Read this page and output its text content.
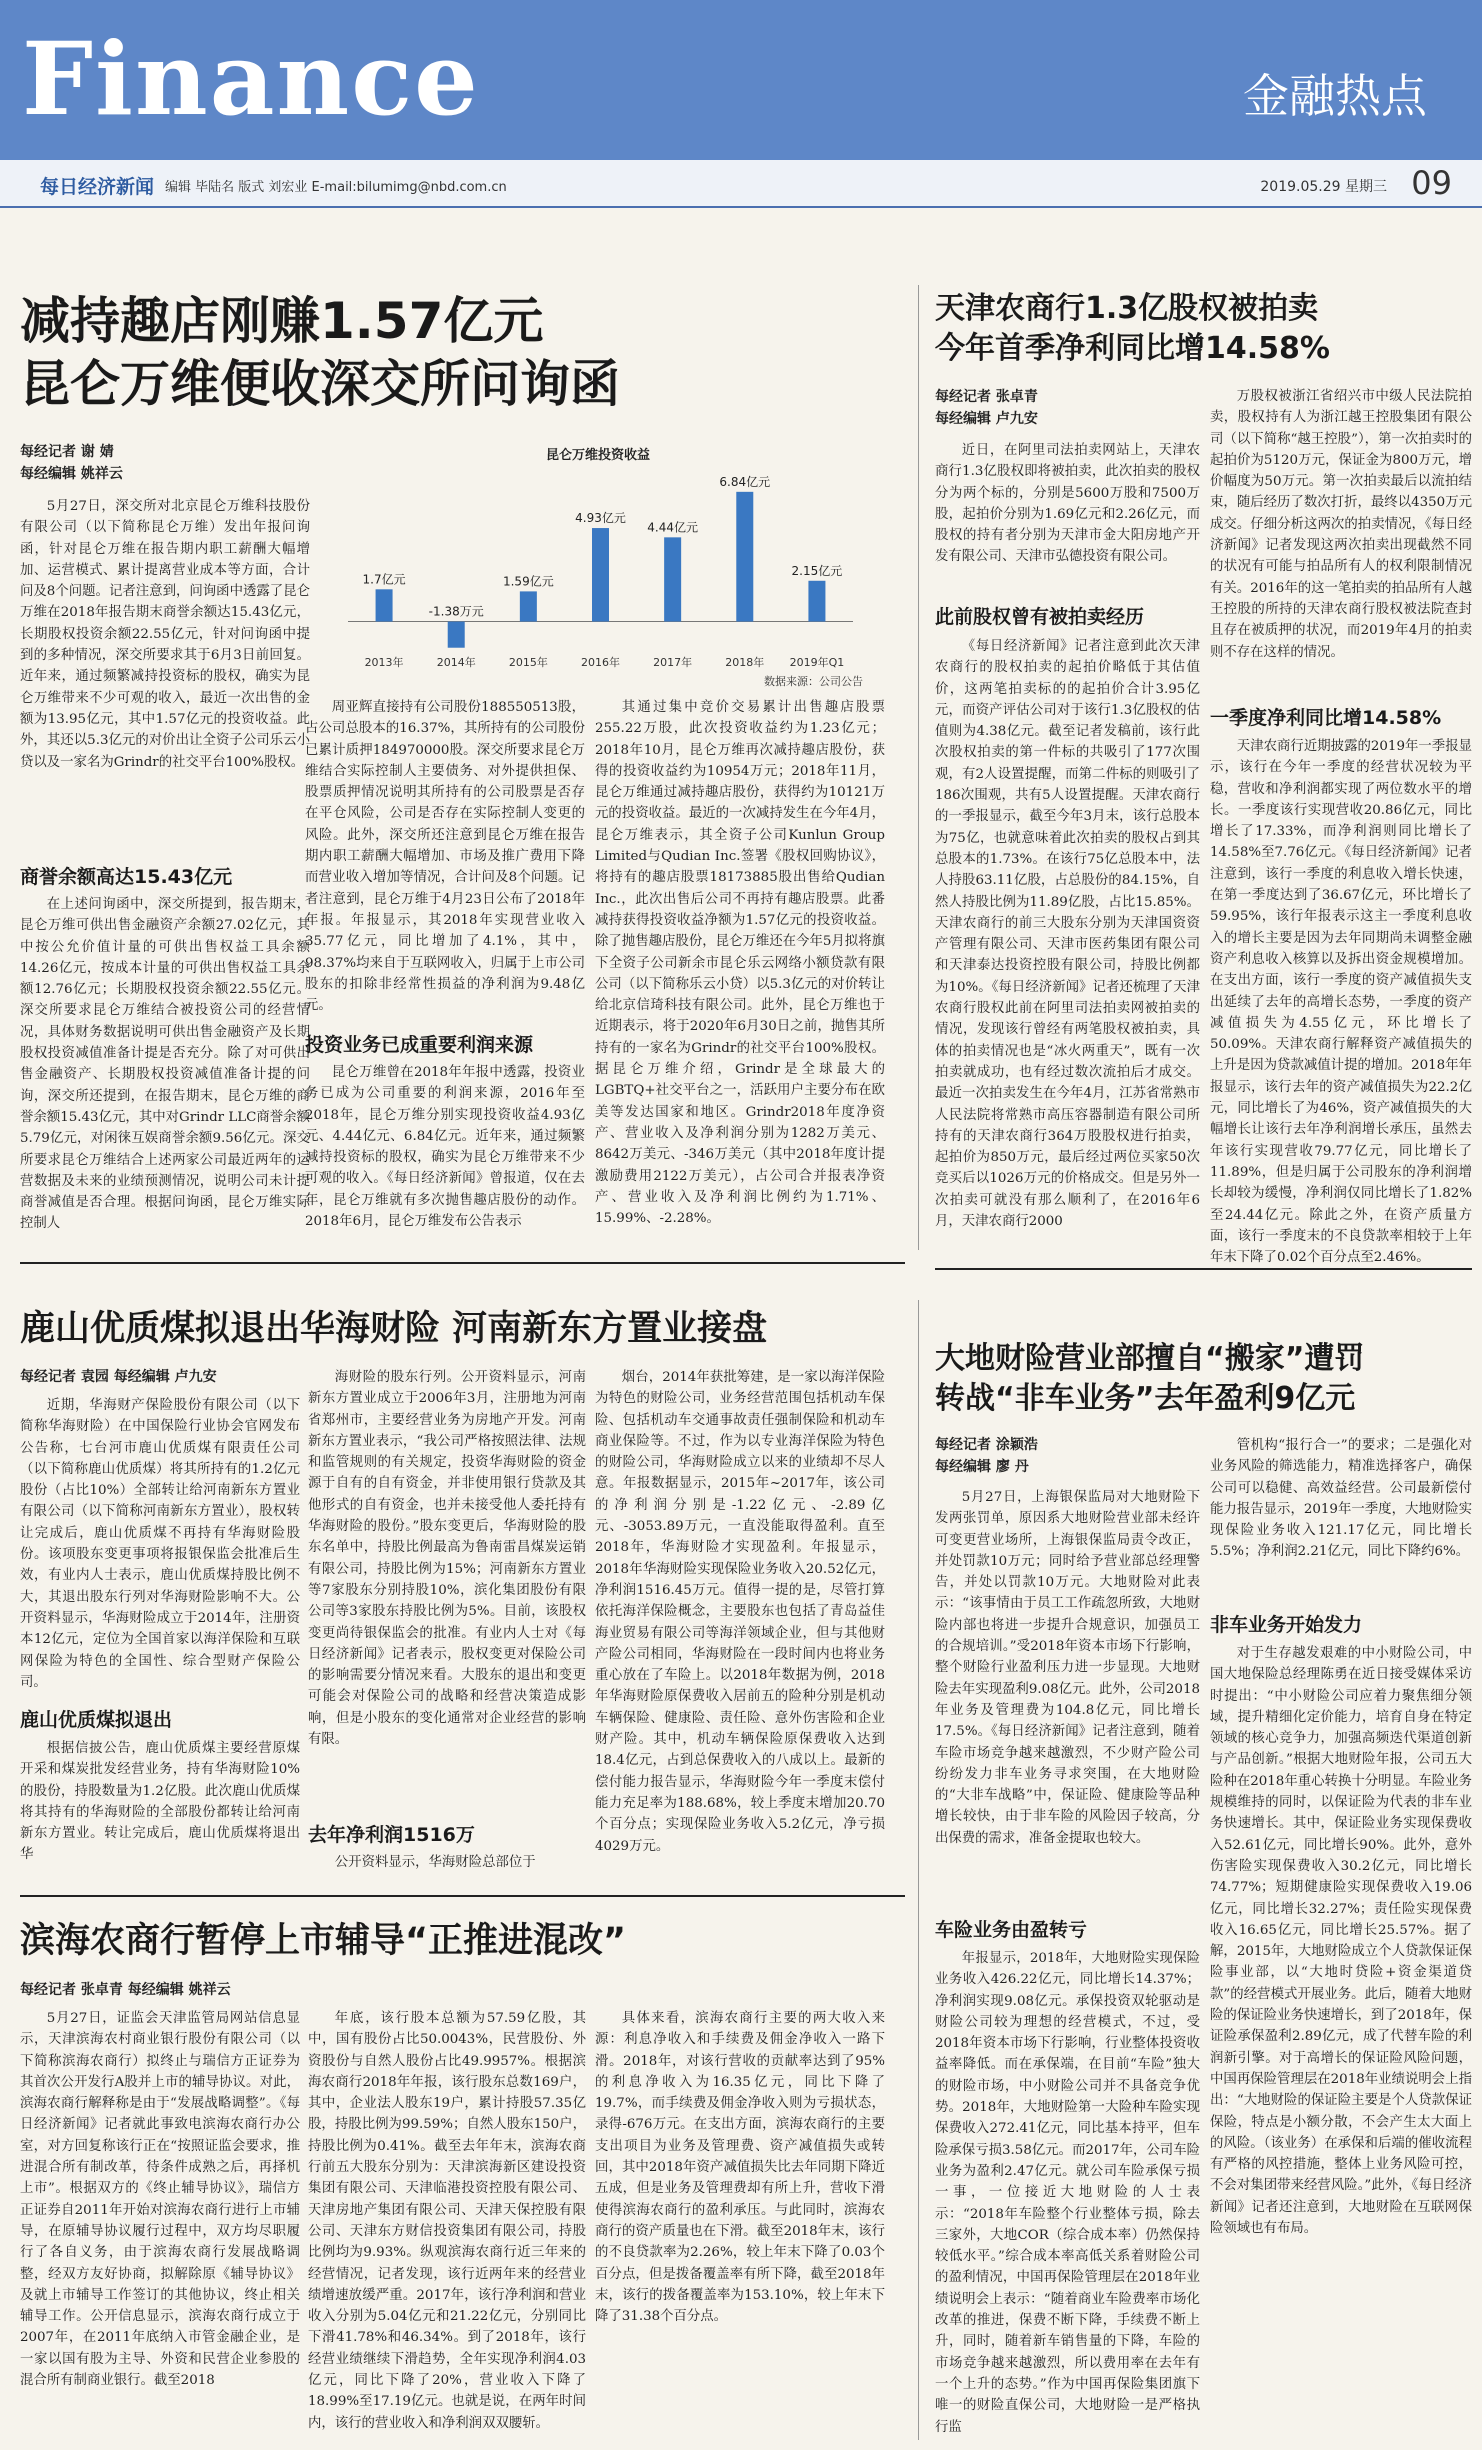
Finance	金融热点
每日经济新闻 编辑 毕陆名 版式 刘宏业 E-mail:bilumimg@nbd.com.cn	2019.05.29 星期三 09
减持趣店刚赚1.57亿元
昆仑万维便收深交所问询函
每经记者 谢 婧
每经编辑 姚祥云

5月27日，深交所对北京昆仑万维科技股份有限公司（以下简称昆仑万维）发出年报问询函，针对昆仑万维在报告期内职工薪酬大幅增加、运营模式、累计提离营业成本等方面，合计问及8个问题。记者注意到，问询函中透露了昆仑万维在2018年报告期末商誉余额达15.43亿元，长期股权投资余额22.55亿元，针对问询函中提到的多种情况，深交所要求其于6月3日前回复。近年来，通过频繁减持投资标的股权，确实为昆仑万维带来不少可观的收入，最近一次出售的金额为13.95亿元，其中1.57亿元的投资收益。此外，其还以5.3亿元的对价出让全资子公司乐云小贷以及一家名为Grindr的社交平台100%股权。

商誉余额高达15.43亿元

在上述问询函中，深交所提到，报告期末，昆仑万维可供出售金融资产余额27.02亿元，其中按公允价值计量的可供出售权益工具余额14.26亿元，按成本计量的可供出售权益工具余额12.76亿元；长期股权投资余额22.55亿元。深交所要求昆仑万维结合被投资公司的经营情况，具体财务数据说明可供出售金融资产及长期股权投资减值准备计提是否充分。除了对可供出售金融资产、长期股权投资减值准备计提的问询，深交所还提到，在报告期末，昆仑万维的商誉余额15.43亿元，其中对Grindr LLC商誉余额5.79亿元，对闲徕互娱商誉余额9.56亿元。深交所要求昆仑万维结合上述两家公司最近两年的运营数据及未来的业绩预测情况，说明公司未计提商誉减值是否合理。根据问询函，昆仑万维实际控制人

周亚辉直接持有公司股份188550513股，占公司总股本的16.37%，其所持有的公司股份已累计质押184970000股。深交所要求昆仑万维结合实际控制人主要债务、对外提供担保、股票质押情况说明其所持有的公司股票是否存在平仓风险，公司是否存在实际控制人变更的风险。此外，深交所还注意到昆仑万维在报告期内职工薪酬大幅增加、市场及推广费用下降而营业收入增加等情况，合计问及8个问题。记者注意到，昆仑万维于4月23日公布了2018年年报。年报显示，其2018年实现营业收入35.77亿元，同比增加了4.1%，其中，98.37%均来自于互联网收入，归属于上市公司股东的扣除非经常性损益的净利润为9.48亿元。

投资业务已成重要利润来源

昆仑万维曾在2018年年报中透露，投资业务已成为公司重要的利润来源，2016年至2018年，昆仑万维分别实现投资收益4.93亿元、4.44亿元、6.84亿元。近年来，通过频繁减持投资标的股权，确实为昆仑万维带来不少可观的收入。《每日经济新闻》曾报道，仅在去年，昆仑万维就有多次抛售趣店股份的动作。2018年6月，昆仑万维发布公告表示

其通过集中竞价交易累计出售趣店股票255.22万股，此次投资收益约为1.23亿元；2018年10月，昆仑万维再次减持趣店股份，获得的投资收益约为10954万元；2018年11月，昆仑万维通过减持趣店股份，获得约为10121万元的投资收益。最近的一次减持发生在今年4月，昆仑万维表示，其全资子公司Kunlun Group Limited与Qudian Inc.签署《股权回购协议》，将持有的趣店股票18173885股出售给Qudian Inc.，此次出售后公司不再持有趣店股票。此番减持获得投资收益净额为1.57亿元的投资收益。除了抛售趣店股份，昆仑万维还在今年5月拟将旗下全资子公司新余市昆仑乐云网络小额贷款有限公司（以下简称乐云小贷）以5.3亿元的对价转让给北京信琦科技有限公司。此外，昆仑万维也于近期表示，将于2020年6月30日之前，抛售其所持有的一家名为Grindr的社交平台100%股权。据昆仑万维介绍，Grindr是全球最大的LGBTQ+社交平台之一，活跃用户主要分布在欧美等发达国家和地区。Grindr2018年度净资产、营业收入及净利润分别为1282万美元、8642万美元、-346万美元（其中2018年度计提激励费用2122万美元），占公司合并报表净资产、营业收入及净利润比例约为1.71%、15.99%、-2.28%。

昆仑万维投资收益
1.7亿元
2013年
-1.38万元
2014年
1.59亿元
2015年
4.93亿元
2016年
4.44亿元
2017年
6.84亿元
2018年
2.15亿元
2019年Q1
数据来源：公司公告
天津农商行1.3亿股权被拍卖
今年首季净利同比增14.58%
每经记者 张卓青
每经编辑 卢九安

近日，在阿里司法拍卖网站上，天津农商行1.3亿股权即将被拍卖，此次拍卖的股权分为两个标的，分别是5600万股和7500万股，起拍价分别为1.69亿元和2.26亿元，而股权的持有者分别为天津市金大阳房地产开发有限公司、天津市弘德投资有限公司。

此前股权曾有被拍卖经历

《每日经济新闻》记者注意到此次天津农商行的股权拍卖的起拍价略低于其估值价，这两笔拍卖标的的起拍价合计3.95亿元，而资产评估公司对于该行1.3亿股权的估值则为4.38亿元。截至记者发稿前，该行此次股权拍卖的第一件标的共吸引了177次围观，有2人设置提醒，而第二件标的则吸引了186次围观，共有5人设置提醒。天津农商行的一季报显示，截至今年3月末，该行总股本为75亿，也就意味着此次拍卖的股权占到其总股本的1.73%。在该行75亿总股本中，法人持股63.11亿股，占总股份的84.15%，自然人持股比例为11.89亿股，占比15.85%。天津农商行的前三大股东分别为天津国资资产管理有限公司、天津市医药集团有限公司和天津泰达投资控股有限公司，持股比例都为10%。《每日经济新闻》记者还梳理了天津农商行股权此前在阿里司法拍卖网被拍卖的情况，发现该行曾经有两笔股权被拍卖，具体的拍卖情况也是“冰火两重天”，既有一次拍卖就成功，也有经过数次流拍后才成交。最近一次拍卖发生在今年4月，江苏省常熟市人民法院将常熟市高压容器制造有限公司所持有的天津农商行364万股股权进行拍卖，起拍价为850万元，最后经过两位买家50次竞买后以1026万元的价格成交。但是另外一次拍卖可就没有那么顺利了，在2016年6月，天津农商行2000

万股权被浙江省绍兴市中级人民法院拍卖，股权持有人为浙江越王控股集团有限公司（以下简称“越王控股”），第一次拍卖时的起拍价为5120万元，保证金为800万元，增价幅度为50万元。第一次拍卖最后以流拍结束，随后经历了数次打折，最终以4350万元成交。仔细分析这两次的拍卖情况，《每日经济新闻》记者发现这两次拍卖出现截然不同的状况有可能与拍品所有人的权利限制情况有关。2016年的这一笔拍卖的拍品所有人越王控股的所持的天津农商行股权被法院查封且存在被质押的状况，而2019年4月的拍卖则不存在这样的情况。

一季度净利同比增14.58%

天津农商行近期披露的2019年一季报显示，该行在今年一季度的经营状况较为平稳，营收和净利润都实现了两位数水平的增长。一季度该行实现营收20.86亿元，同比增长了17.33%，而净利润则同比增长了14.58%至7.76亿元。《每日经济新闻》记者注意到，该行一季度的利息收入增长快速，在第一季度达到了36.67亿元，环比增长了59.95%，该行年报表示这主一季度利息收入的增长主要是因为去年同期尚未调整金融资产利息收入核算以及拆出资金规模增加。在支出方面，该行一季度的资产减值损失支出延续了去年的高增长态势，一季度的资产减值损失为4.55亿元，环比增长了50.09%。天津农商行解释资产减值损失的上升是因为贷款减值计提的增加。2018年年报显示，该行去年的资产减值损失为22.2亿元，同比增长了为46%，资产减值损失的大幅增长让该行去年净利润增长承压，虽然去年该行实现营收79.77亿元，同比增长了11.89%，但是归属于公司股东的净利润增长却较为缓慢，净利润仅同比增长了1.82%至24.44亿元。除此之外，在资产质量方面，该行一季度末的不良贷款率相较于上年年末下降了0.02个百分点至2.46%。

鹿山优质煤拟退出华海财险 河南新东方置业接盘
每经记者 袁园 每经编辑 卢九安

近期，华海财产保险股份有限公司（以下简称华海财险）在中国保险行业协会官网发布公告称，七台河市鹿山优质煤有限责任公司（以下简称鹿山优质煤）将其所持有的1.2亿元股份（占比10%）全部转让给河南新东方置业有限公司（以下简称河南新东方置业），股权转让完成后，鹿山优质煤不再持有华海财险股份。该项股东变更事项将报银保监会批准后生效，有业内人士表示，鹿山优质煤持股比例不大，其退出股东行列对华海财险影响不大。公开资料显示，华海财险成立于2014年，注册资本12亿元，定位为全国首家以海洋保险和互联网保险为特色的全国性、综合型财产保险公司。

鹿山优质煤拟退出

根据信披公告，鹿山优质煤主要经营原煤开采和煤炭批发经营业务，持有华海财险10%的股份，持股数量为1.2亿股。此次鹿山优质煤将其持有的华海财险的全部股份都转让给河南新东方置业。转让完成后，鹿山优质煤将退出华

海财险的股东行列。公开资料显示，河南新东方置业成立于2006年3月，注册地为河南省郑州市，主要经营业务为房地产开发。河南新东方置业表示，“我公司严格按照法律、法规和监管规则的有关规定，投资华海财险的资金源于自有的自有资金，并非使用银行贷款及其他形式的自有资金，也并未接受他人委托持有华海财险的股份。”股东变更后，华海财险的股东名单中，持股比例最高为鲁南雷昌煤炭运销有限公司，持股比例为15%；河南新东方置业等7家股东分别持股10%，滨化集团股份有限公司等3家股东持股比例为5%。目前，该股权变更尚待银保监会的批准。有业内人士对《每日经济新闻》记者表示，股权变更对保险公司的影响需要分情况来看。大股东的退出和变更可能会对保险公司的战略和经营决策造成影响，但是小股东的变化通常对企业经营的影响有限。

去年净利润1516万

公开资料显示，华海财险总部位于

烟台，2014年获批筹建，是一家以海洋保险为特色的财险公司，业务经营范围包括机动车保险、包括机动车交通事故责任强制保险和机动车商业保险等。不过，作为以专业海洋保险为特色的财险公司，华海财险成立以来的业绩却不尽人意。年报数据显示，2015年~2017年，该公司的净利润分别是-1.22亿元、-2.89亿元、-3053.89万元，一直没能取得盈利。直至2018年，华海财险才实现盈利。年报显示，2018年华海财险实现保险业务收入20.52亿元，净利润1516.45万元。值得一提的是，尽管打算依托海洋保险概念，主要股东也包括了青岛益佳海业贸易有限公司等海洋领域企业，但与其他财产险公司相同，华海财险在一段时间内也将业务重心放在了车险上。以2018年数据为例，2018年华海财险原保费收入居前五的险种分别是机动车辆保险、健康险、责任险、意外伤害险和企业财产险。其中，机动车辆保险原保费收入达到18.4亿元，占到总保费收入的八成以上。最新的偿付能力报告显示，华海财险今年一季度末偿付能力充足率为188.68%，较上季度末增加20.70个百分点；实现保险业务收入5.2亿元，净亏损4029万元。

大地财险营业部擅自“搬家”遭罚
转战“非车业务”去年盈利9亿元
每经记者 涂颖浩
每经编辑 廖 丹

5月27日，上海银保监局对大地财险下发两张罚单，原因系大地财险营业部未经许可变更营业场所，上海银保监局责令改正，并处罚款10万元；同时给予营业部总经理警告，并处以罚款10万元。大地财险对此表示：“该事情由于员工工作疏忽所致，大地财险内部也将进一步提升合规意识，加强员工的合规培训。”受2018年资本市场下行影响，整个财险行业盈利压力进一步显现。大地财险去年实现盈利9.08亿元。此外，公司2018年业务及管理费为104.8亿元，同比增长17.5%。《每日经济新闻》记者注意到，随着车险市场竞争越来越激烈，不少财产险公司纷纷发力非车业务寻求突围，在大地财险的“大非车战略”中，保证险、健康险等品种增长较快，由于非车险的风险因子较高，分出保费的需求，准备金提取也较大。

车险业务由盈转亏

年报显示，2018年，大地财险实现保险业务收入426.22亿元，同比增长14.37%；净利润实现9.08亿元。承保投资双轮驱动是财险公司较为理想的经营模式，不过，受2018年资本市场下行影响，行业整体投资收益率降低。而在承保端，在目前“车险”独大的财险市场，中小财险公司并不具备竞争优势。2018年，大地财险第一大险种车险实现保费收入272.41亿元，同比基本持平，但车险承保亏损3.58亿元。而2017年，公司车险业务为盈利2.47亿元。就公司车险承保亏损一事，一位接近大地财险的人士表示：“2018年车险整个行业整体亏损，除去三家外，大地COR（综合成本率）仍然保持较低水平。”综合成本率高低关系着财险公司的盈利情况，中国再保险管理层在2018年业绩说明会上表示：“随着商业车险费率市场化改革的推进，保费不断下降，手续费不断上升，同时，随着新车销售量的下降，车险的市场竞争越来越激烈，所以费用率在去年有一个上升的态势。”作为中国再保险集团旗下唯一的财险直保公司，大地财险一是严格执行监

管机构“报行合一”的要求；二是强化对业务风险的筛选能力，精准选择客户，确保公司可以稳健、高效益经营。公司最新偿付能力报告显示，2019年一季度，大地财险实现保险业务收入121.17亿元，同比增长5.5%；净利润2.21亿元，同比下降约6%。

非车业务开始发力

对于生存越发艰难的中小财险公司，中国大地保险总经理陈勇在近日接受媒体采访时提出：“中小财险公司应着力聚焦细分领域，提升精细化定价能力，培育自身在特定领域的核心竞争力，加强高频迭代渠道创新与产品创新。”根据大地财险年报，公司五大险种在2018年重心转换十分明显。车险业务规模维持的同时，以保证险为代表的非车业务快速增长。其中，保证险业务实现保费收入52.61亿元，同比增长90%。此外，意外伤害险实现保费收入30.2亿元，同比增长74.77%；短期健康险实现保费收入19.06亿元，同比增长32.27%；责任险实现保费收入16.65亿元，同比增长25.57%。据了解，2015年，大地财险成立个人贷款保证保险事业部，以“大地时贷险+资金渠道贷款”的经营模式开展业务。此后，随着大地财险的保证险业务快速增长，到了2018年，保证险承保盈利2.89亿元，成了代替车险的利润新引擎。对于高增长的保证险风险问题，中国再保险管理层在2018年业绩说明会上指出：“大地财险的保证险主要是个人贷款保证保险，特点是小额分散，不会产生太大面上的风险。（该业务）在承保和后端的催收流程有严格的风控措施，整体上业务风险可控，不会对集团带来经营风险。”此外，《每日经济新闻》记者还注意到，大地财险在互联网保险领域也有布局。

滨海农商行暂停上市辅导“正推进混改”
每经记者 张卓青 每经编辑 姚祥云

5月27日，证监会天津监管局网站信息显示，天津滨海农村商业银行股份有限公司（以下简称滨海农商行）拟终止与瑞信方正证券为其首次公开发行A股并上市的辅导协议。对此，滨海农商行解释称是由于“发展战略调整”。《每日经济新闻》记者就此事致电滨海农商行办公室，对方回复称该行正在“按照证监会要求，推进混合所有制改革，待条件成熟之后，再择机上市”。根据双方的《终止辅导协议》，瑞信方正证券自2011年开始对滨海农商行进行上市辅导，在原辅导协议履行过程中，双方均尽职履行了各自义务，由于滨海农商行发展战略调整，经双方友好协商，拟解除原《辅导协议》及就上市辅导工作签订的其他协议，终止相关辅导工作。公开信息显示，滨海农商行成立于2007年，在2011年底纳入市管金融企业，是一家以国有股为主导、外资和民营企业参股的混合所有制商业银行。截至2018

年底，该行股本总额为57.59亿股，其中，国有股份占比50.0043%，民营股份、外资股份与自然人股份占比49.9957%。根据滨海农商行2018年年报，该行股东总数169户，其中，企业法人股东19户，累计持股57.35亿股，持股比例为99.59%；自然人股东150户，持股比例为0.41%。截至去年年末，滨海农商行前五大股东分别为：天津滨海新区建设投资集团有限公司、天津临港投资控股有限公司、天津房地产集团有限公司、天津天保控股有限公司、天津东方财信投资集团有限公司，持股比例均为9.93%。纵观滨海农商行近三年来的经营情况，记者发现，该行近两年来的经营业绩增速放缓严重。2017年，该行净利润和营业收入分别为5.04亿元和21.22亿元，分别同比下滑41.78%和46.34%。到了2018年，该行经营业绩继续下滑趋势，全年实现净利润4.03亿元，同比下降了20%，营业收入下降了18.99%至17.19亿元。也就是说，在两年时间内，该行的营业收入和净利润双双腰斩。

具体来看，滨海农商行主要的两大收入来源：利息净收入和手续费及佣金净收入一路下滑。2018年，对该行营收的贡献率达到了95%的利息净收入为16.35亿元，同比下降了19.7%，而手续费及佣金净收入则为亏损状态，录得-676万元。在支出方面，滨海农商行的主要支出项目为业务及管理费、资产减值损失或转回，其中2018年资产减值损失比去年同期下降近五成，但是业务及管理费却有所上升，营收下滑使得滨海农商行的盈利承压。与此同时，滨海农商行的资产质量也在下滑。截至2018年末，该行的不良贷款率为2.26%，较上年末下降了0.03个百分点，但是拨备覆盖率有所下降，截至2018年末，该行的拨备覆盖率为153.10%，较上年末下降了31.38个百分点。
